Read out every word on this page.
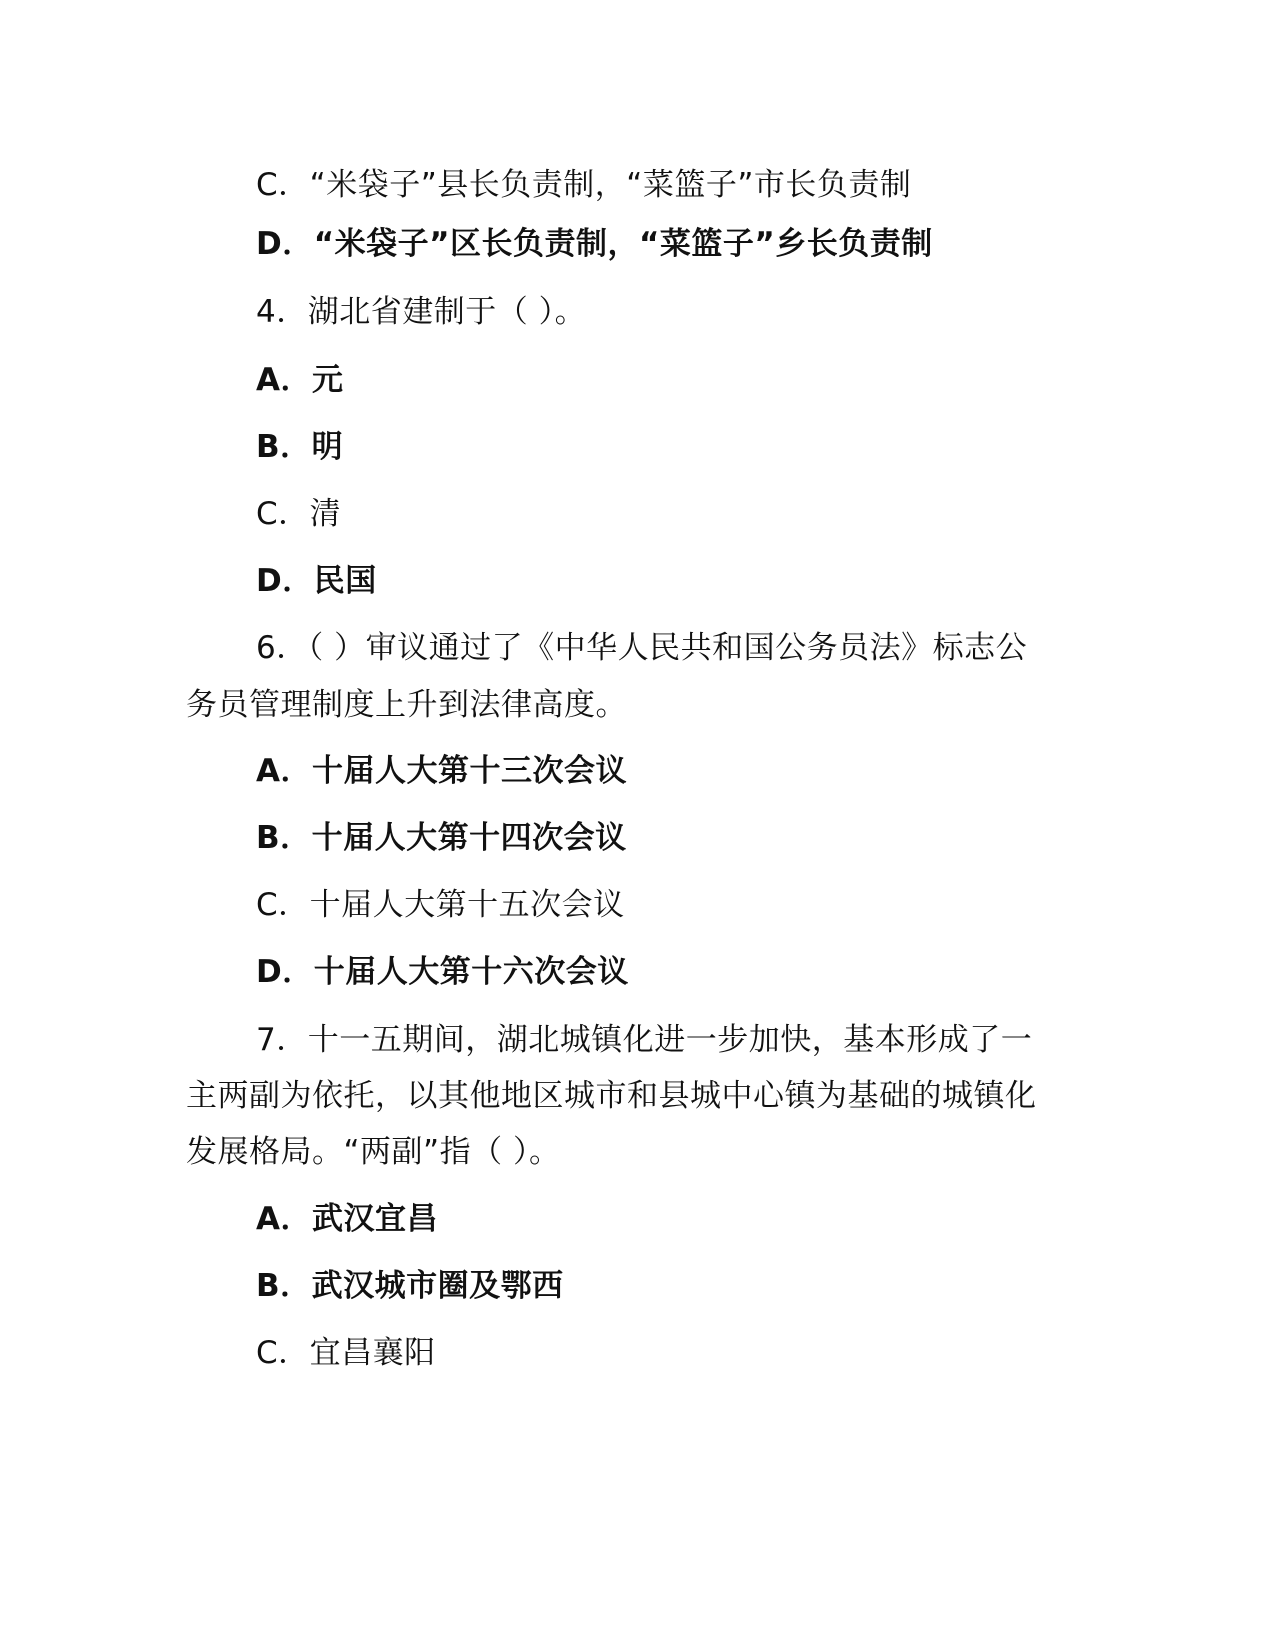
C．“米袋子”县长负责制，“菜篮子”市长负责制
D．“米袋子”区长负责制，“菜篮子”乡长负责制
4．湖北省建制于（ ）。
A．元
B．明
C．清
D．民国
6．（ ）审议通过了《中华人民共和国公务员法》标志公
务员管理制度上升到法律高度。
A．十届人大第十三次会议
B．十届人大第十四次会议
C．十届人大第十五次会议
D．十届人大第十六次会议
7．十一五期间，湖北城镇化进一步加快，基本形成了一
主两副为依托，以其他地区城市和县城中心镇为基础的城镇化
发展格局。“两副”指（ ）。
A．武汉宜昌
B．武汉城市圈及鄂西
C．宜昌襄阳
